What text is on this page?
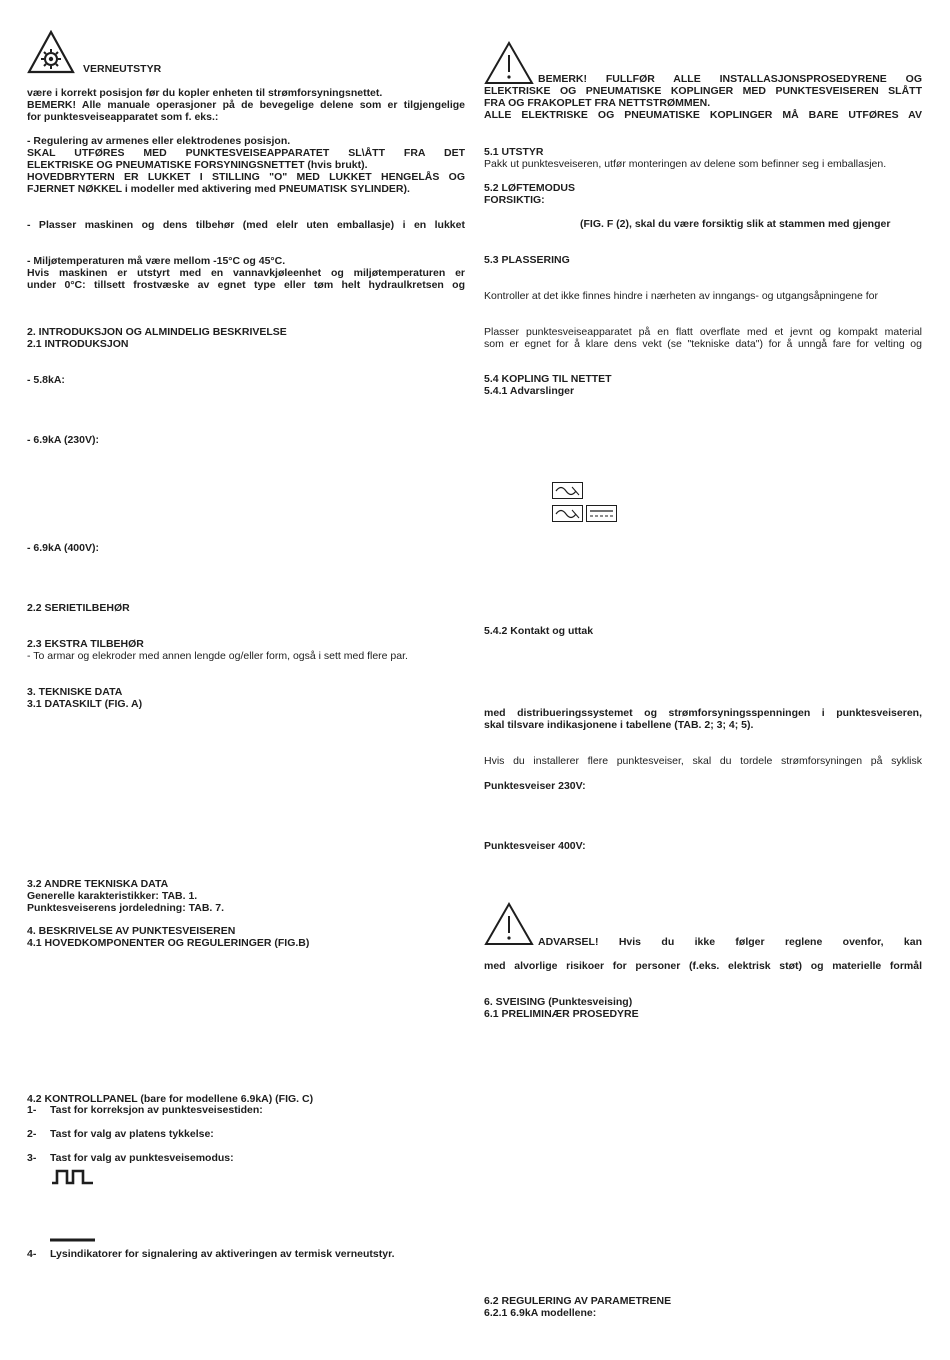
VERNEUTSTYR
være i korrekt posisjon før du kopler enheten til strømforsyningsnettet.
BEMERK! Alle manuale operasjoner på de bevegelige delene som er tilgjengelige
for punktesveiseapparatet som f. eks.:
- Regulering av armenes eller elektrodenes posisjon.
SKAL UTFØRES MED PUNKTESVEISEAPPARATET SL\ÅTT FRA DET
ELEKTRISKE OG PNEUMATISKE FORSYNINGSNETTET (hvis brukt).
HOVEDBRYTERN ER LUKKET I STILLING "O" MED LUKKET HENGELÅS OG
FJERNET NØKKEL i modeller med aktivering med PNEUMATISK SYLINDER).
- Plasser maskinen og dens tilbehør (med elelr uten emballasje) i en lukket
- Miljøtemperaturen må være mellom -15°C og 45°C.
Hvis maskinen er utstyrt med en vannavkjøleenhet og miljøtemperaturen er
under 0°C: tillsett frostvæske av egnet type eller tøm helt hydraulkretsen og
2. INTRODUKSJON OG ALMINDELIG BESKRIVELSE
2.1 INTRODUKSJON
- 5.8kA:
- 6.9kA (230V):
- 6.9kA (400V):
2.2 SERIETILBEHØR
2.3 EKSTRA TILBEHØR
- To armar og elekroder med annen lengde og/eller form, også i sett med flere par.
3. TEKNISKE DATA
3.1 DATASKILT (FIG. A)
3.2 ANDRE TEKNISKA DATA
Generelle karakteristikker: TAB. 1.
Punktesveiserens jordeledning: TAB. 7.
4. BESKRIVELSE AV PUNKTESVEISEREN
4.1 HOVEDKOMPONENTER OG REGULERINGER (FIG.B)
4.2 KONTROLLPANEL (bare for modellene 6.9kA) (FIG. C)
1- Tast for korreksjon av punktesveisestiden:
2- Tast for valg av platens tykkelse:
3- Tast for valg av punktesveisemodus:
4- Lysindikatorer for signalering av aktiveringen av termisk verneutstyr.
BEMERK! FULLFØR ALLE INSTALLASJONSPROSEDYRENE OG
ELEKTRISKE OG PNEUMATISKE KOPLINGER MED PUNKTESVEISEREN SLÅTT
FRA OG FRAKOPLET FRA NETTSTRØMMEN.
ALLE ELEKTRISKE OG PNEUMATISKE KOPLINGER MÅ BARE UTFØRES AV
5.1 UTSTYR
Pakk ut punktesveiseren, utfør monteringen av delene som befinner seg i emballasjen.
5.2 LØFTEMODUS
FORSIKTIG:
(FIG. F (2), skal du være forsiktig slik at stammen med gjenger
5.3 PLASSERING
Kontroller at det ikke finnes hindre i nærheten av inngangs- og utgangsåpningene for
Plasser punktesveiseapparatet på en flatt overflate med et jevnt og kompakt material
som er egnet for å klare dens vekt (se "tekniske data") for å unngå fare for velting og
5.4 KOPLING TIL NETTET
5.4.1 Advarslinger
5.4.2 Kontakt og uttak
med distribueringssystemet og strømforsyningsspenningen i punktesveiseren,
skal tilsvare indikasjonene i tabellene (TAB. 2; 3; 4; 5).
Hvis du installerer flere punktesveiser, skal du tordele strømforsyningen på syklisk
Punktesveiser 230V:
Punktesveiser 400V:
ADVARSEL! Hvis du ikke følger reglene ovenfor, kan
med alvorlige risikoer for personer (f.eks. elektrisk støt) og materielle formål
6. SVEISING (Punktesveising)
6.1 PRELIMINÆR PROSEDYRE
6.2 REGULERING AV PARAMETRENE
6.2.1 6.9kA modellene:
